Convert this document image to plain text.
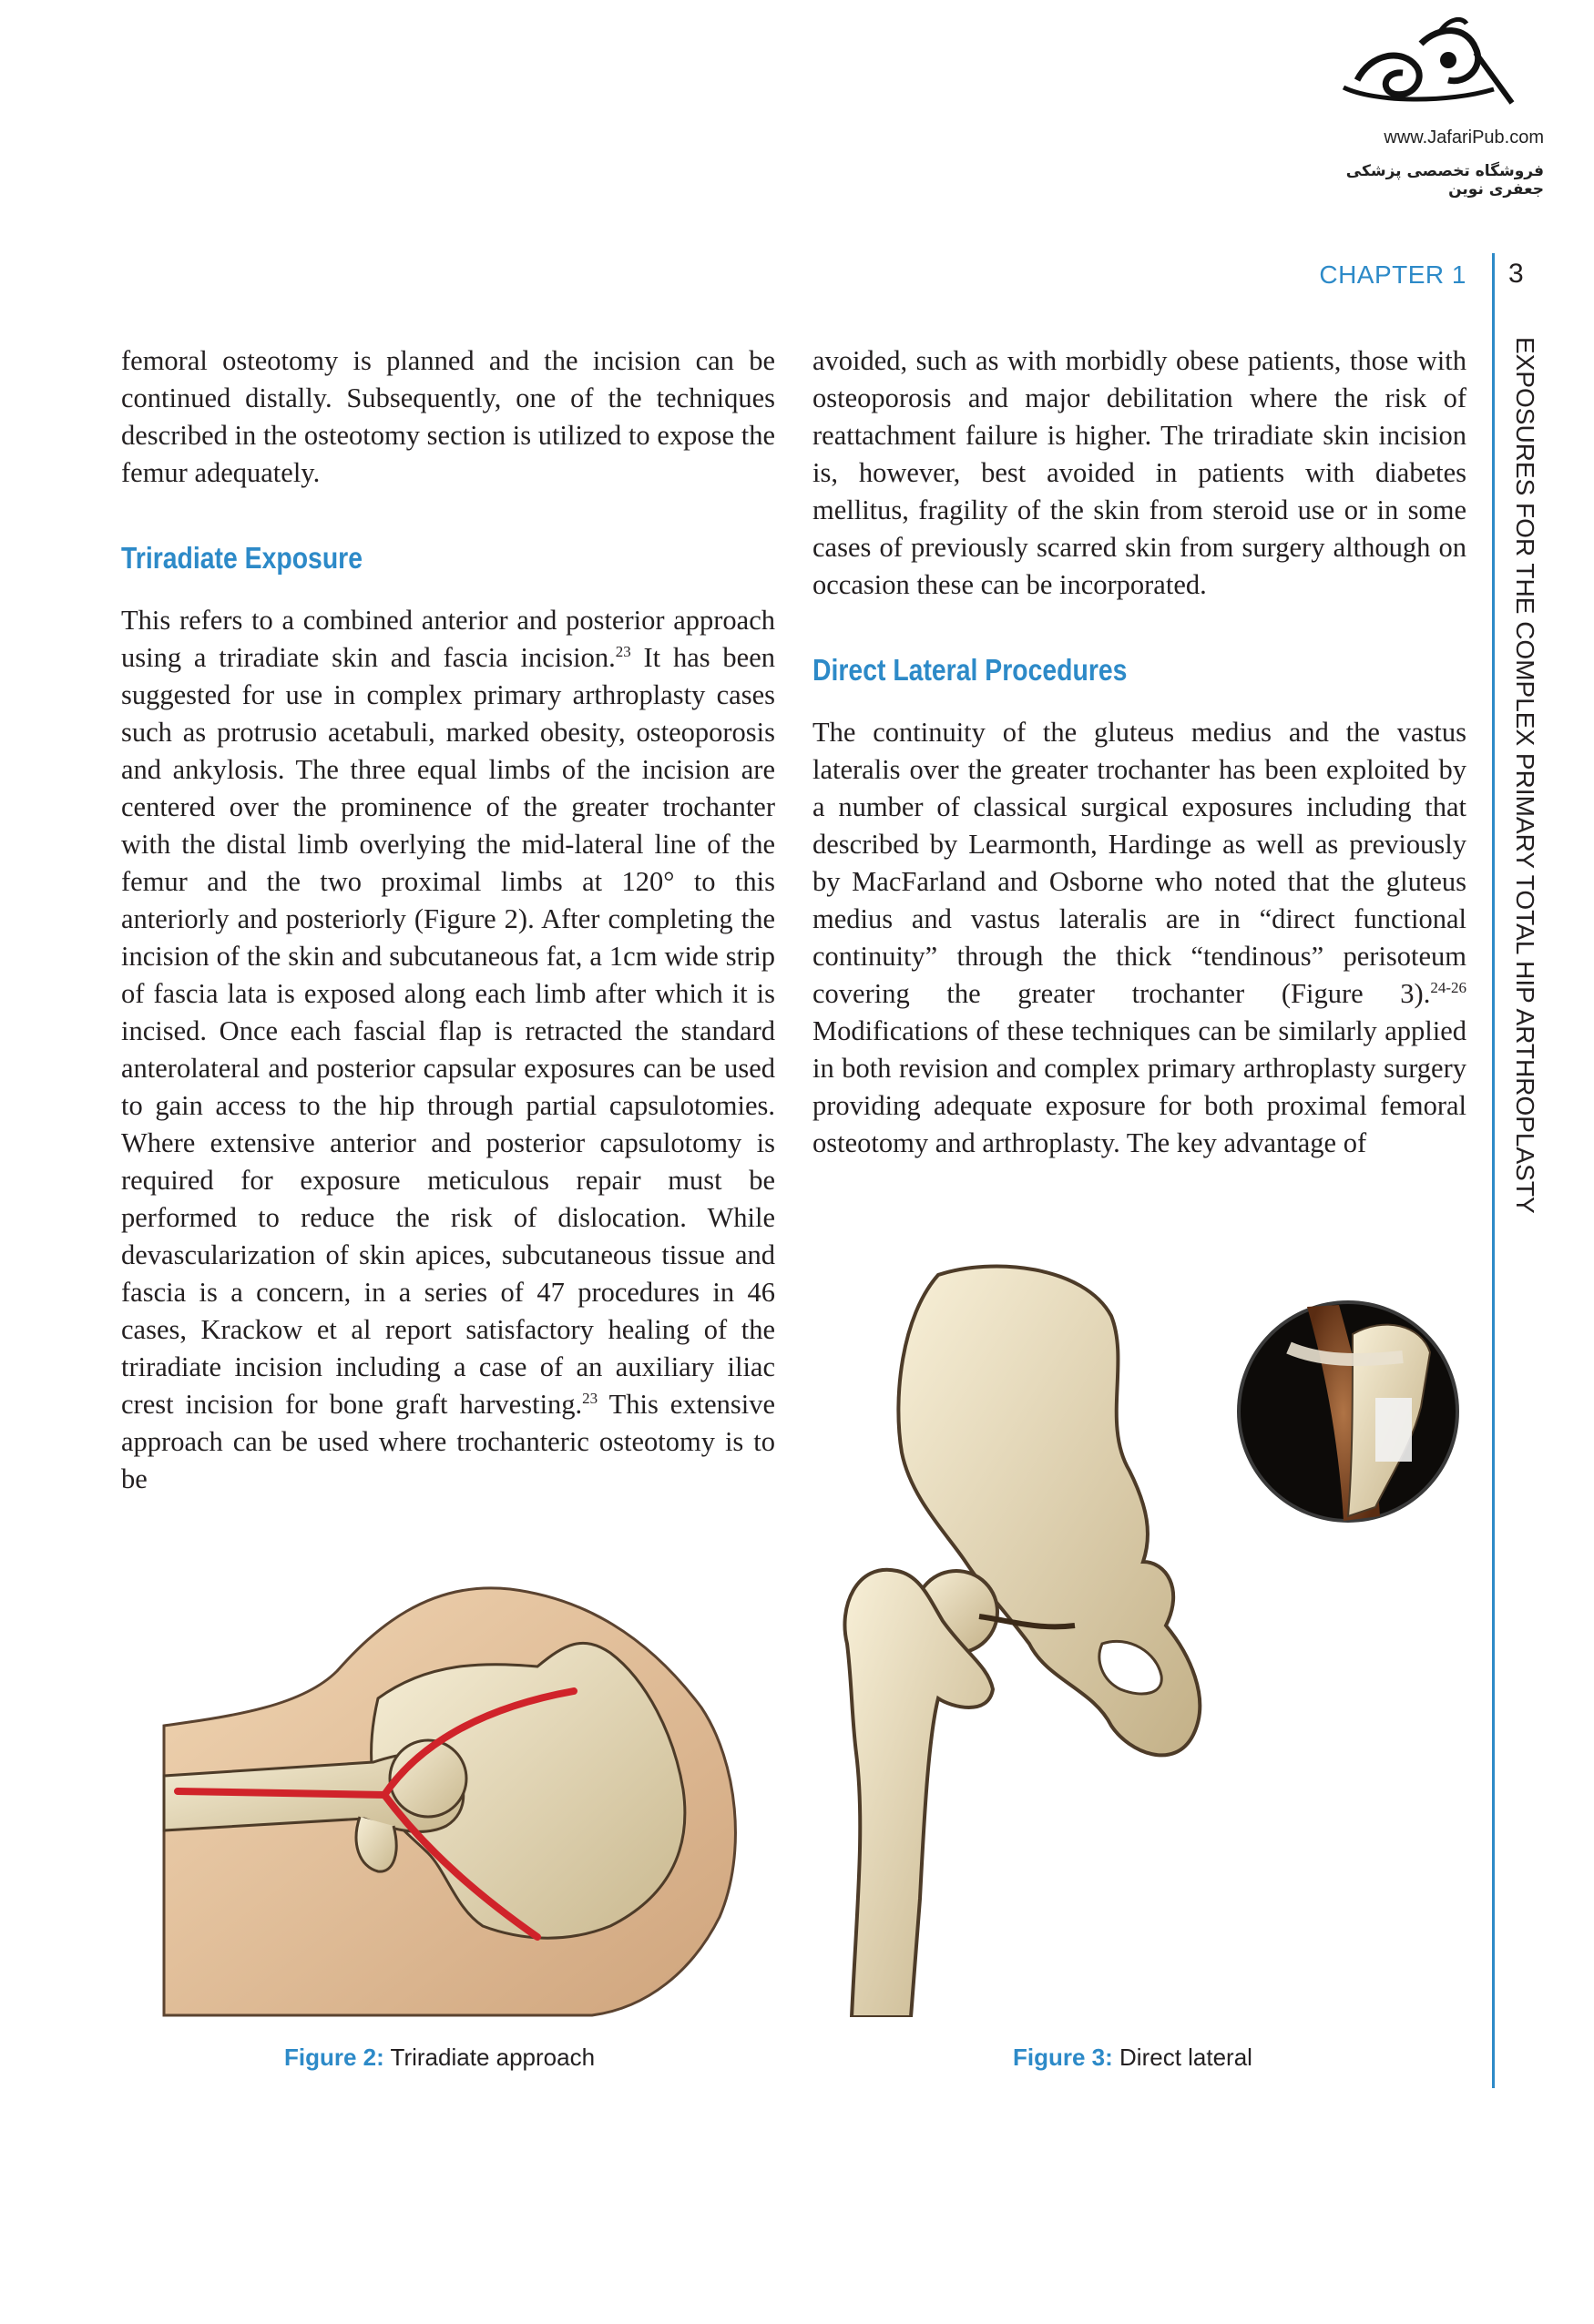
www.JafariPub.com
فروشگاه تخصصی پزشکی جعفری نوین
CHAPTER 1 3
EXPOSURES FOR THE COMPLEX PRIMARY TOTAL HIP ARTHROPLASTY

femoral osteotomy is planned and the incision can be continued distally. Subsequently, one of the techniques described in the osteotomy section is utilized to expose the femur adequately.

Triradiate Exposure

This refers to a combined anterior and posterior approach using a triradiate skin and fascia incision.$^{23}$ It has been suggested for use in complex primary arthroplasty cases such as protrusio acetabuli, marked obesity, osteoporosis and ankylosis. The three equal limbs of the incision are centered over the prominence of the greater trochanter with the distal limb overlying the mid-lateral line of the femur and the two proximal limbs at 120° to this anteriorly and posteriorly (Figure 2). After completing the incision of the skin and subcutaneous fat, a 1cm wide strip of fascia lata is exposed along each limb after which it is incised. Once each fascial flap is retracted the standard anterolateral and posterior capsular exposures can be used to gain access to the hip through partial capsulotomies. Where extensive anterior and posterior capsulotomy is required for exposure meticulous repair must be performed to reduce the risk of dislocation. While devascularization of skin apices, subcutaneous tissue and fascia is a concern, in a series of 47 procedures in 46 cases, Krackow et al report satisfactory healing of the triradiate incision including a case of an auxiliary iliac crest incision for bone graft harvesting.$^{23}$ This extensive approach can be used where trochanteric osteotomy is to be

avoided, such as with morbidly obese patients, those with osteoporosis and major debilitation where the risk of reattachment failure is higher. The triradiate skin incision is, however, best avoided in patients with diabetes mellitus, fragility of the skin from steroid use or in some cases of previously scarred skin from surgery although on occasion these can be incorporated.

Direct Lateral Procedures

The continuity of the gluteus medius and the vastus lateralis over the greater trochanter has been exploited by a number of classical surgical exposures including that described by Learmonth, Hardinge as well as previously by MacFarland and Osborne who noted that the gluteus medius and vastus lateralis are in “direct functional continuity” through the thick “tendinous” perisoteum covering the greater trochanter (Figure 3).$^{24-26}$ Modifications of these techniques can be similarly applied in both revision and complex primary arthroplasty surgery providing adequate exposure for both proximal femoral osteotomy and arthroplasty. The key advantage of

Figure 2: Triradiate approach	Figure 3: Direct lateral
